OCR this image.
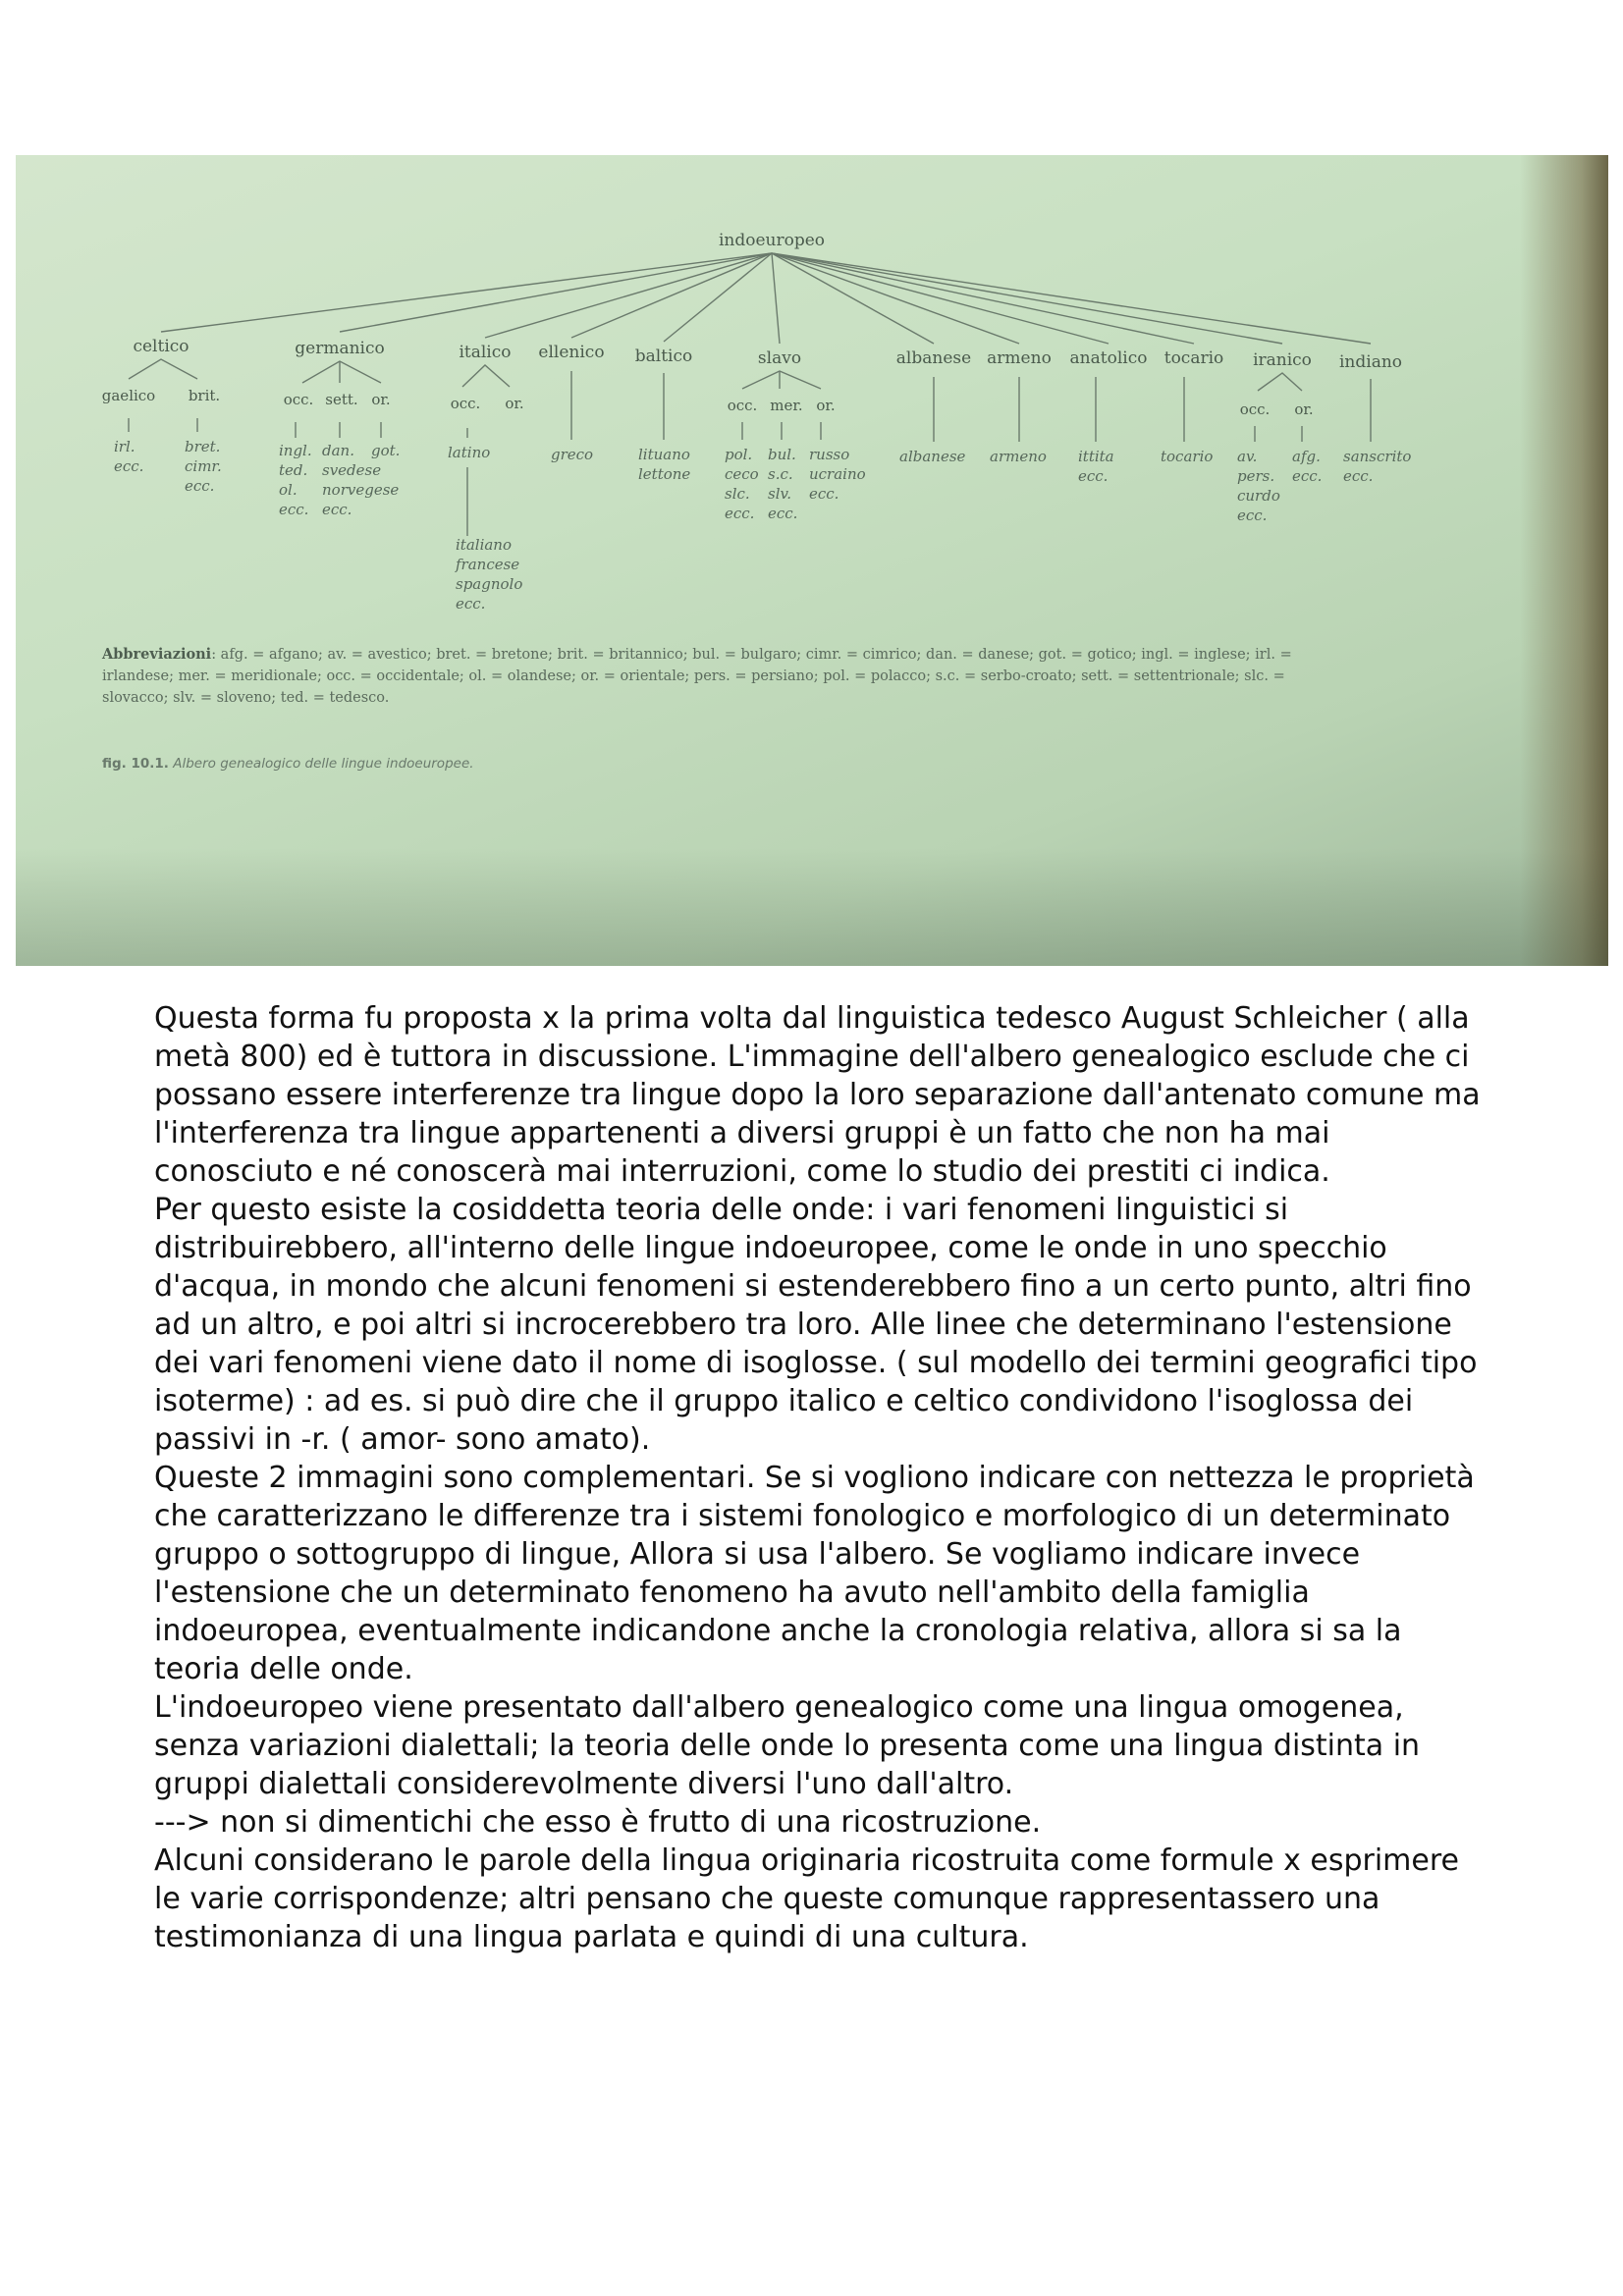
indoeuropeo
celtico	germanico	italico ellenico baltico	slavo	albanese armeno anatolico tocario iranico indiano
gaelico brit.	occ. sett. or.	occ. or.	occ. mer. or.	occ. or.
irl.
ecc.
bret.
cimr.
ecc.
ingl.
ted.
ol.
ecc.
dan.
svedese
norvegese
ecc.
got.	latino
italiano
francese
spagnolo
ecc.
greco	lituano
lettone
pol.
ceco
slc.
ecc.
bul.
s.c.
slv.
ecc.
russo
ucraino
ecc.
albanese armeno ittita
ecc.
tocario av.
pers.
curdo
ecc.
afg.
ecc.
sanscrito
ecc.
Abbreviazioni: afg. = afgano; av. = avestico; bret. = bretone; brit. = britannico; bul. = bulgaro; cimr. = cimrico; dan. = danese; got. = gotico; ingl. = inglese; irl. =
irlandese; mer. = meridionale; occ. = occidentale; ol. = olandese; or. = orientale; pers. = persiano; pol. = polacco; s.c. = serbo-croato; sett. = settentrionale; slc. =
slovacco; slv. = sloveno; ted. = tedesco.
fig. 10.1. Albero genealogico delle lingue indoeuropee.

Questa forma fu proposta x la prima volta dal linguistica tedesco August Schleicher ( alla metà 800) ed è tuttora in discussione. L'immagine dell'albero genealogico esclude che ci possano essere interferenze tra lingue dopo la loro separazione dall'antenato comune ma l'interferenza tra lingue appartenenti a diversi gruppi è un fatto che non ha mai conosciuto e né conoscerà mai interruzioni, come lo studio dei prestiti ci indica.

Per questo esiste la cosiddetta teoria delle onde: i vari fenomeni linguistici si distribuirebbero, all'interno delle lingue indoeuropee, come le onde in uno specchio d'acqua, in mondo che alcuni fenomeni si estenderebbero fino a un certo punto, altri fino ad un altro, e poi altri si incrocerebbero tra loro. Alle linee che determinano l'estensione dei vari fenomeni viene dato il nome di isoglosse. ( sul modello dei termini geografici tipo isoterme) : ad es. si può dire che il gruppo italico e celtico condividono l'isoglossa dei passivi in -r. ( amor- sono amato).

Queste 2 immagini sono complementari. Se si vogliono indicare con nettezza le proprietà che caratterizzano le differenze tra i sistemi fonologico e morfologico di un determinato gruppo o sottogruppo di lingue, Allora si usa l'albero. Se vogliamo indicare invece l'estensione che un determinato fenomeno ha avuto nell'ambito della famiglia indoeuropea, eventualmente indicandone anche la cronologia relativa, allora si sa la teoria delle onde.

L'indoeuropeo viene presentato dall'albero genealogico come una lingua omogenea, senza variazioni dialettali; la teoria delle onde lo presenta come una lingua distinta in gruppi dialettali considerevolmente diversi l'uno dall'altro.

---> non si dimentichi che esso è frutto di una ricostruzione.

Alcuni considerano le parole della lingua originaria ricostruita come formule x esprimere le varie corrispondenze; altri pensano che queste comunque rappresentassero una testimonianza di una lingua parlata e quindi di una cultura.
